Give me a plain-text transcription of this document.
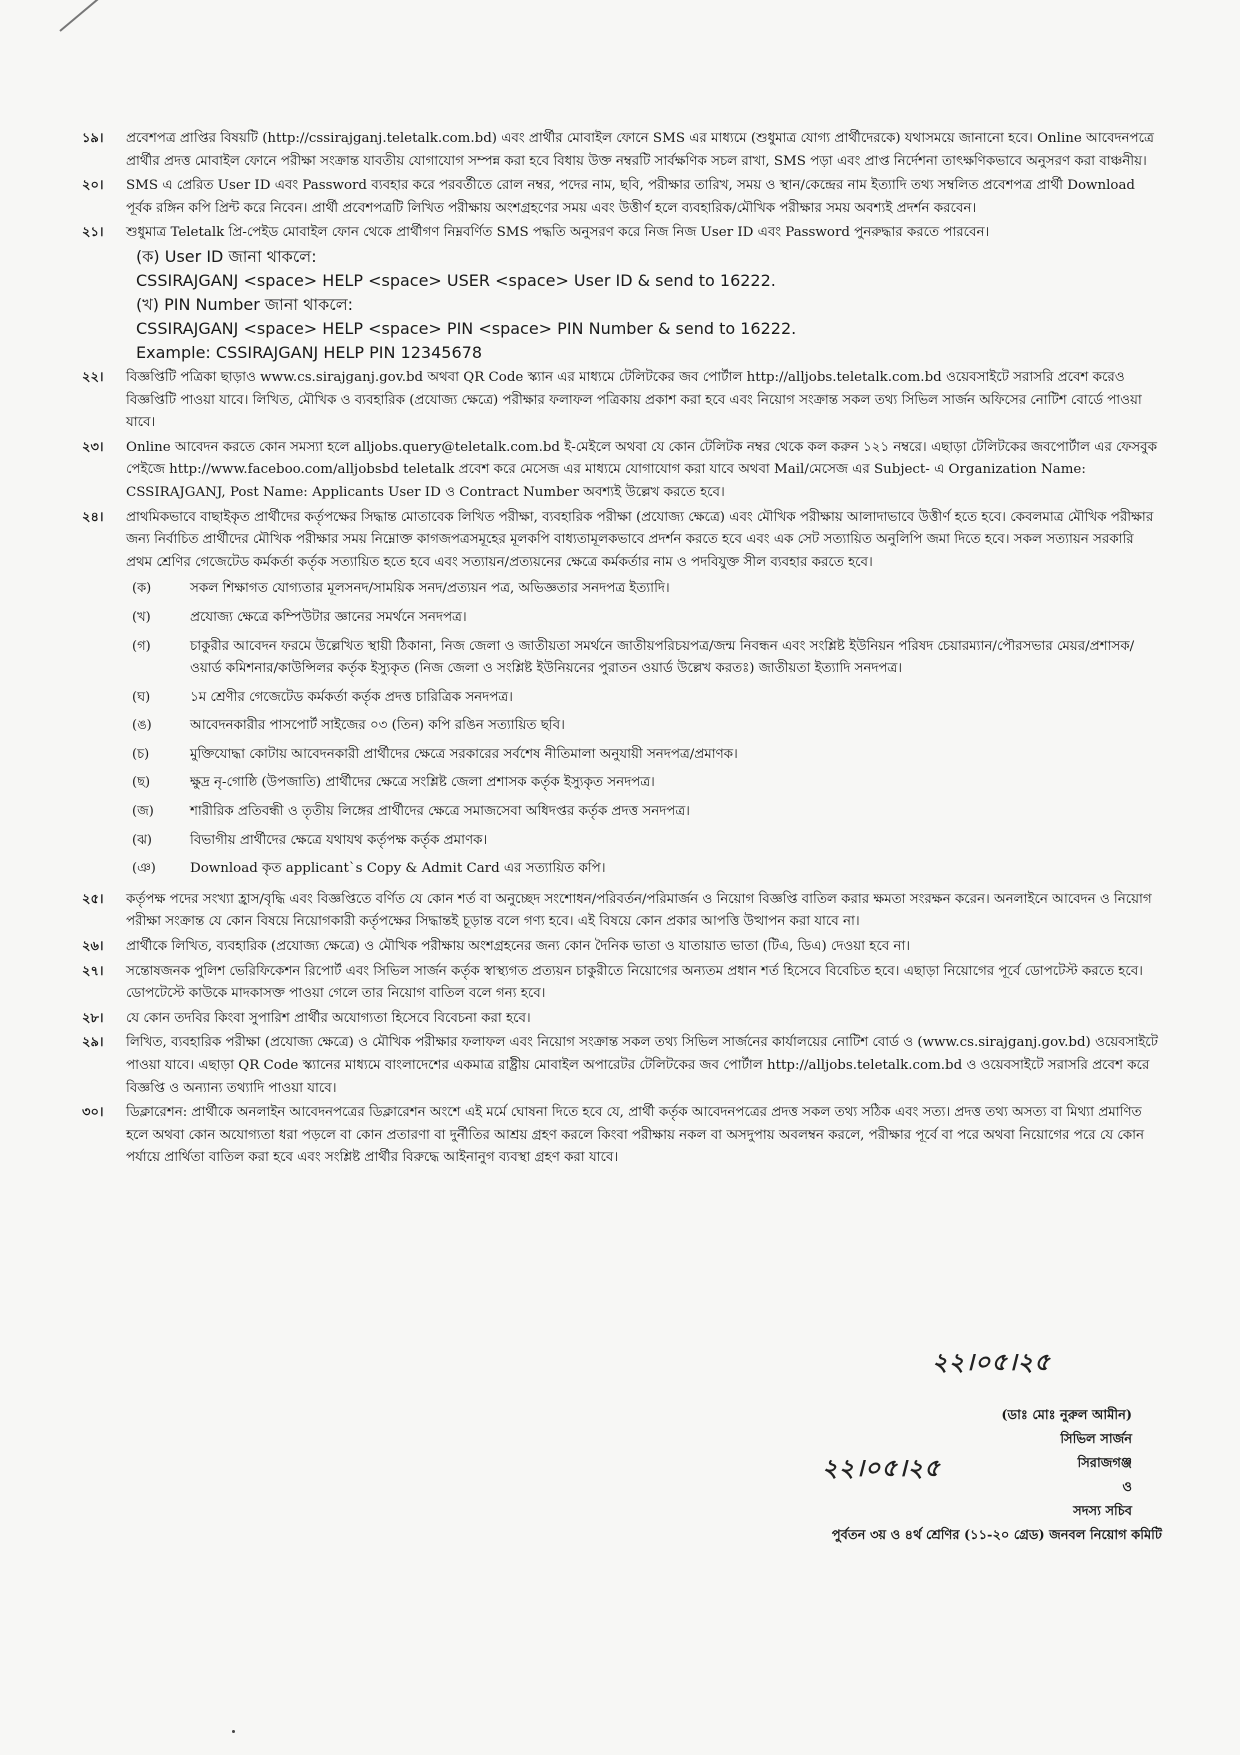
১৯।	প্রবেশপত্র প্রাপ্তির বিষয়টি (http://cssirajganj.teletalk.com.bd) এবং প্রার্থীর মোবাইল ফোনে SMS এর মাধ্যমে (শুধুমাত্র যোগ্য প্রার্থীদেরকে) যথাসময়ে জানানো হবে। Online আবেদনপত্রে প্রার্থীর প্রদত্ত মোবাইল ফোনে পরীক্ষা সংক্রান্ত যাবতীয় যোগাযোগ সম্পন্ন করা হবে বিধায় উক্ত নম্বরটি সার্বক্ষণিক সচল রাখা, SMS পড়া এবং প্রাপ্ত নির্দেশনা তাৎক্ষণিকভাবে অনুসরণ করা বাঞ্চনীয়।
২০।	SMS এ প্রেরিত User ID এবং Password ব্যবহার করে পরবর্তীতে রোল নম্বর, পদের নাম, ছবি, পরীক্ষার তারিখ, সময় ও স্থান/কেন্দ্রের নাম ইত্যাদি তথ্য সম্বলিত প্রবেশপত্র প্রার্থী Download পূর্বক রঙ্গিন কপি প্রিন্ট করে নিবেন। প্রার্থী প্রবেশপত্রটি লিখিত পরীক্ষায় অংশগ্রহণের সময় এবং উত্তীর্ণ হলে ব্যবহারিক/মৌখিক পরীক্ষার সময় অবশ্যই প্রদর্শন করবেন।
২১।	শুধুমাত্র Teletalk প্রি-পেইড মোবাইল ফোন থেকে প্রার্থীগণ নিম্নবর্ণিত SMS পদ্ধতি অনুসরণ করে নিজ নিজ User ID এবং Password পুনরুদ্ধার করতে পারবেন।
(ক) User ID জানা থাকলে:
CSSIRAJGANJ <space> HELP <space> USER <space> User ID & send to 16222.
(খ) PIN Number জানা থাকলে:
CSSIRAJGANJ <space> HELP <space> PIN <space> PIN Number & send to 16222.
Example: CSSIRAJGANJ HELP PIN 12345678
২২।	বিজ্ঞপ্তিটি পত্রিকা ছাড়াও www.cs.sirajganj.gov.bd অথবা QR Code স্ক্যান এর মাধ্যমে টেলিটকের জব পোর্টাল http://alljobs.teletalk.com.bd ওয়েবসাইটে সরাসরি প্রবেশ করেও বিজ্ঞপ্তিটি পাওয়া যাবে। লিখিত, মৌখিক ও ব্যবহারিক (প্রযোজ্য ক্ষেত্রে) পরীক্ষার ফলাফল পত্রিকায় প্রকাশ করা হবে এবং নিয়োগ সংক্রান্ত সকল তথ্য সিভিল সার্জন অফিসের নোটিশ বোর্ডে পাওয়া যাবে।
২৩।	Online আবেদন করতে কোন সমস্যা হলে alljobs.query@teletalk.com.bd ই-মেইলে অথবা যে কোন টেলিটক নম্বর থেকে কল করুন ১২১ নম্বরে। এছাড়া টেলিটকের জবপোর্টাল এর ফেসবুক পেইজে http://www.faceboo.com/alljobsbd teletalk প্রবেশ করে মেসেজ এর মাধ্যমে যোগাযোগ করা যাবে অথবা Mail/মেসেজ এর Subject- এ Organization Name: CSSIRAJGANJ, Post Name: Applicants User ID ও Contract Number অবশ্যই উল্লেখ করতে হবে।
২৪।	প্রাথমিকভাবে বাছাইকৃত প্রার্থীদের কর্তৃপক্ষের সিদ্ধান্ত মোতাবেক লিখিত পরীক্ষা, ব্যবহারিক পরীক্ষা (প্রযোজ্য ক্ষেত্রে) এবং মৌখিক পরীক্ষায় আলাদাভাবে উত্তীর্ণ হতে হবে। কেবলমাত্র মৌখিক পরীক্ষার জন্য নির্বাচিত প্রার্থীদের মৌখিক পরীক্ষার সময় নিম্নোক্ত কাগজপত্রসমূহের মূলকপি বাধ্যতামূলকভাবে প্রদর্শন করতে হবে এবং এক সেট সত্যায়িত অনুলিপি জমা দিতে হবে। সকল সত্যায়ন সরকারি প্রথম শ্রেণির গেজেটেড কর্মকর্তা কর্তৃক সত্যায়িত হতে হবে এবং সত্যায়ন/প্রত্যয়নের ক্ষেত্রে কর্মকর্তার নাম ও পদবিযুক্ত সীল ব্যবহার করতে হবে।
(ক)	সকল শিক্ষাগত যোগ্যতার মূলসনদ/সাময়িক সনদ/প্রত্যয়ন পত্র, অভিজ্ঞতার সনদপত্র ইত্যাদি।
(খ)	প্রযোজ্য ক্ষেত্রে কম্পিউটার জ্ঞানের সমর্থনে সনদপত্র।
(গ)	চাকুরীর আবেদন ফরমে উল্লেখিত স্থায়ী ঠিকানা, নিজ জেলা ও জাতীয়তা সমর্থনে জাতীয়পরিচয়পত্র/জন্ম নিবন্ধন এবং সংশ্লিষ্ট ইউনিয়ন পরিষদ চেয়ারম্যান/পৌরসভার মেয়র/প্রশাসক/ওয়ার্ড কমিশনার/কাউন্সিলর কর্তৃক ইস্যুকৃত (নিজ জেলা ও সংশ্লিষ্ট ইউনিয়নের পুরাতন ওয়ার্ড উল্লেখ করতঃ) জাতীয়তা ইত্যাদি সনদপত্র।
(ঘ)	১ম শ্রেণীর গেজেটেড কর্মকর্তা কর্তৃক প্রদত্ত চারিত্রিক সনদপত্র।
(ঙ)	আবেদনকারীর পাসপোর্ট সাইজের ০৩ (তিন) কপি রঙিন সত্যায়িত ছবি।
(চ)	মুক্তিযোদ্ধা কোটায় আবেদনকারী প্রার্থীদের ক্ষেত্রে সরকারের সর্বশেষ নীতিমালা অনুযায়ী সনদপত্র/প্রমাণক।
(ছ)	ক্ষুদ্র নৃ-গোষ্ঠি (উপজাতি) প্রার্থীদের ক্ষেত্রে সংশ্লিষ্ট জেলা প্রশাসক কর্তৃক ইস্যুকৃত সনদপত্র।
(জ)	শারীরিক প্রতিবন্ধী ও তৃতীয় লিঙ্গের প্রার্থীদের ক্ষেত্রে সমাজসেবা অধিদপ্তর কর্তৃক প্রদত্ত সনদপত্র।
(ঝ)	বিভাগীয় প্রার্থীদের ক্ষেত্রে যথাযথ কর্তৃপক্ষ কর্তৃক প্রমাণক।
(ঞ)	Download কৃত applicant`s Copy & Admit Card এর সত্যায়িত কপি।
২৫।	কর্তৃপক্ষ পদের সংখ্যা হ্রাস/বৃদ্ধি এবং বিজ্ঞপ্তিতে বর্ণিত যে কোন শর্ত বা অনুচ্ছেদ সংশোধন/পরিবর্তন/পরিমার্জন ও নিয়োগ বিজ্ঞপ্তি বাতিল করার ক্ষমতা সংরক্ষন করেন। অনলাইনে আবেদন ও নিয়োগ পরীক্ষা সংক্রান্ত যে কোন বিষয়ে নিয়োগকারী কর্তৃপক্ষের সিদ্ধান্তই চূড়ান্ত বলে গণ্য হবে। এই বিষয়ে কোন প্রকার আপত্তি উত্থাপন করা যাবে না।
২৬।	প্রার্থীকে লিখিত, ব্যবহারিক (প্রযোজ্য ক্ষেত্রে) ও মৌখিক পরীক্ষায় অংশগ্রহনের জন্য কোন দৈনিক ভাতা ও যাতায়াত ভাতা (টিএ, ডিএ) দেওয়া হবে না।
২৭।	সন্তোষজনক পুলিশ ভেরিফিকেশন রিপোর্ট এবং সিভিল সার্জন কর্তৃক স্বাস্থ্যগত প্রত্যয়ন চাকুরীতে নিয়োগের অন্যতম প্রধান শর্ত হিসেবে বিবেচিত হবে। এছাড়া নিয়োগের পূর্বে ডোপটেস্ট করতে হবে। ডোপটেস্টে কাউকে মাদকাসক্ত পাওয়া গেলে তার নিয়োগ বাতিল বলে গন্য হবে।
২৮।	যে কোন তদবির কিংবা সুপারিশ প্রার্থীর অযোগ্যতা হিসেবে বিবেচনা করা হবে।
২৯।	লিখিত, ব্যবহারিক পরীক্ষা (প্রযোজ্য ক্ষেত্রে) ও মৌখিক পরীক্ষার ফলাফল এবং নিয়োগ সংক্রান্ত সকল তথ্য সিভিল সার্জনের কার্যালয়ের নোটিশ বোর্ড ও (www.cs.sirajganj.gov.bd) ওয়েবসাইটে পাওয়া যাবে। এছাড়া QR Code স্ক্যানের মাধ্যমে বাংলাদেশের একমাত্র রাষ্ট্রীয় মোবাইল অপারেটর টেলিটকের জব পোর্টাল http://alljobs.teletalk.com.bd ও ওয়েবসাইটে সরাসরি প্রবেশ করে বিজ্ঞপ্তি ও অন্যান্য তথ্যাদি পাওয়া যাবে।
৩০।	ডিক্লারেশন: প্রার্থীকে অনলাইন আবেদনপত্রের ডিক্লারেশন অংশে এই মর্মে ঘোষনা দিতে হবে যে, প্রার্থী কর্তৃক আবেদনপত্রের প্রদত্ত সকল তথ্য সঠিক এবং সত্য। প্রদত্ত তথ্য অসত্য বা মিথ্যা প্রমাণিত হলে অথবা কোন অযোগ্যতা ধরা পড়লে বা কোন প্রতারণা বা দুর্নীতির আশ্রয় গ্রহণ করলে কিংবা পরীক্ষায় নকল বা অসদুপায় অবলম্বন করলে, পরীক্ষার পূর্বে বা পরে অথবা নিয়োগের পরে যে কোন পর্যায়ে প্রার্থিতা বাতিল করা হবে এবং সংশ্লিষ্ট প্রার্থীর বিরুদ্ধে আইনানুগ ব্যবস্থা গ্রহণ করা যাবে।
২২।০৫।২৫
(ডাঃ মোঃ নুরুল আমীন)
সিভিল সার্জন
সিরাজগঞ্জ
২২।০৫।২৫
ও
সদস্য সচিব
পুর্বতন ৩য় ও ৪র্থ শ্রেণির (১১-২০ গ্রেড) জনবল নিয়োগ কমিটি
